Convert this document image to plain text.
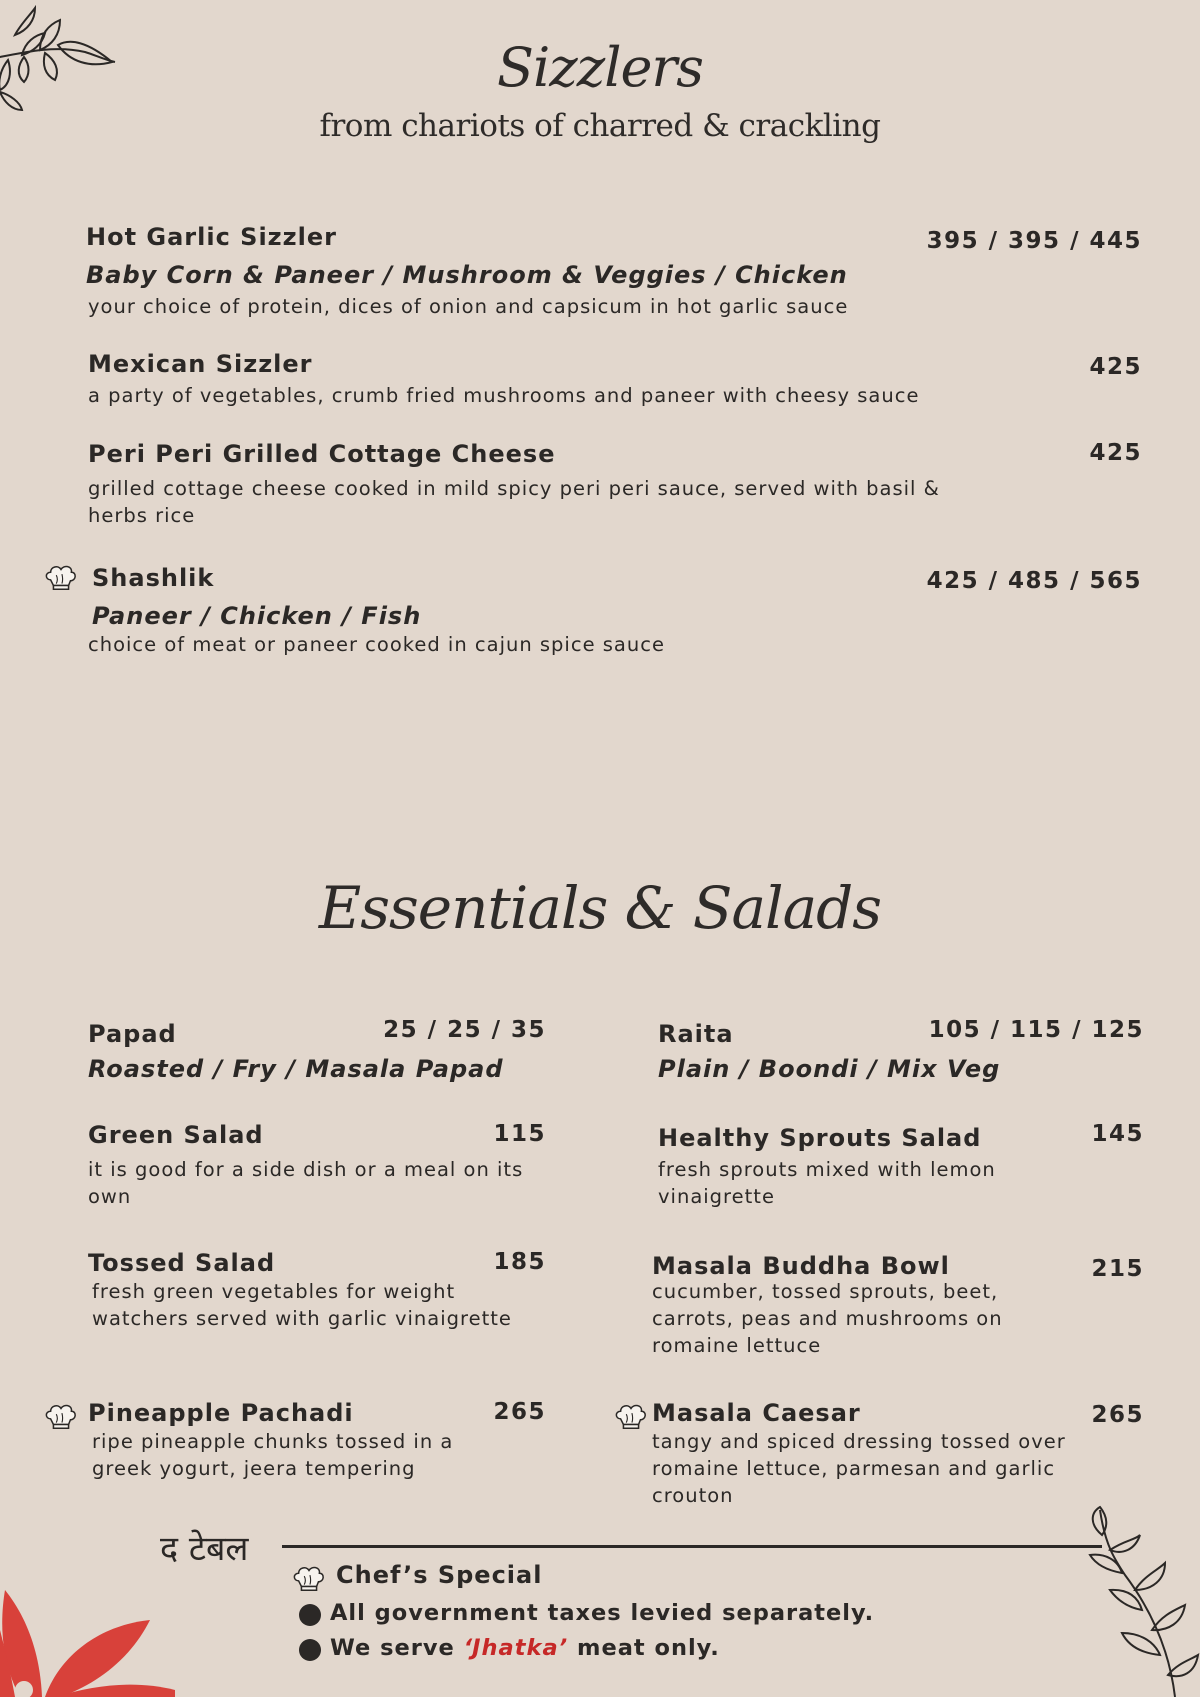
Sizzlers
from chariots of charred & crackling
Hot Garlic Sizzler	395 / 395 / 445
Baby Corn & Paneer / Mushroom & Veggies / Chicken
your choice of protein, dices of onion and capsicum in hot garlic sauce
Mexican Sizzler	425
a party of vegetables, crumb fried mushrooms and paneer with cheesy sauce
Peri Peri Grilled Cottage Cheese	425
grilled cottage cheese cooked in mild spicy peri peri sauce, served with basil & herbs rice
Shashlik	425 / 485 / 565
Paneer / Chicken / Fish
choice of meat or paneer cooked in cajun spice sauce
Essentials & Salads
Papad	25 / 25 / 35
Roasted / Fry / Masala Papad
Green Salad	115
it is good for a side dish or a meal on its own
Tossed Salad	185
fresh green vegetables for weight watchers served with garlic vinaigrette
Pineapple Pachadi	265
ripe pineapple chunks tossed in a greek yogurt, jeera tempering
Raita	105 / 115 / 125
Plain / Boondi / Mix Veg
Healthy Sprouts Salad	145
fresh sprouts mixed with lemon vinaigrette
Masala Buddha Bowl	215
cucumber, tossed sprouts, beet, carrots, peas and mushrooms on romaine lettuce
Masala Caesar	265
tangy and spiced dressing tossed over romaine lettuce, parmesan and garlic crouton
द टेबल
Chef’s Special
All government taxes levied separately.
We serve ‘Jhatka’ meat only.
